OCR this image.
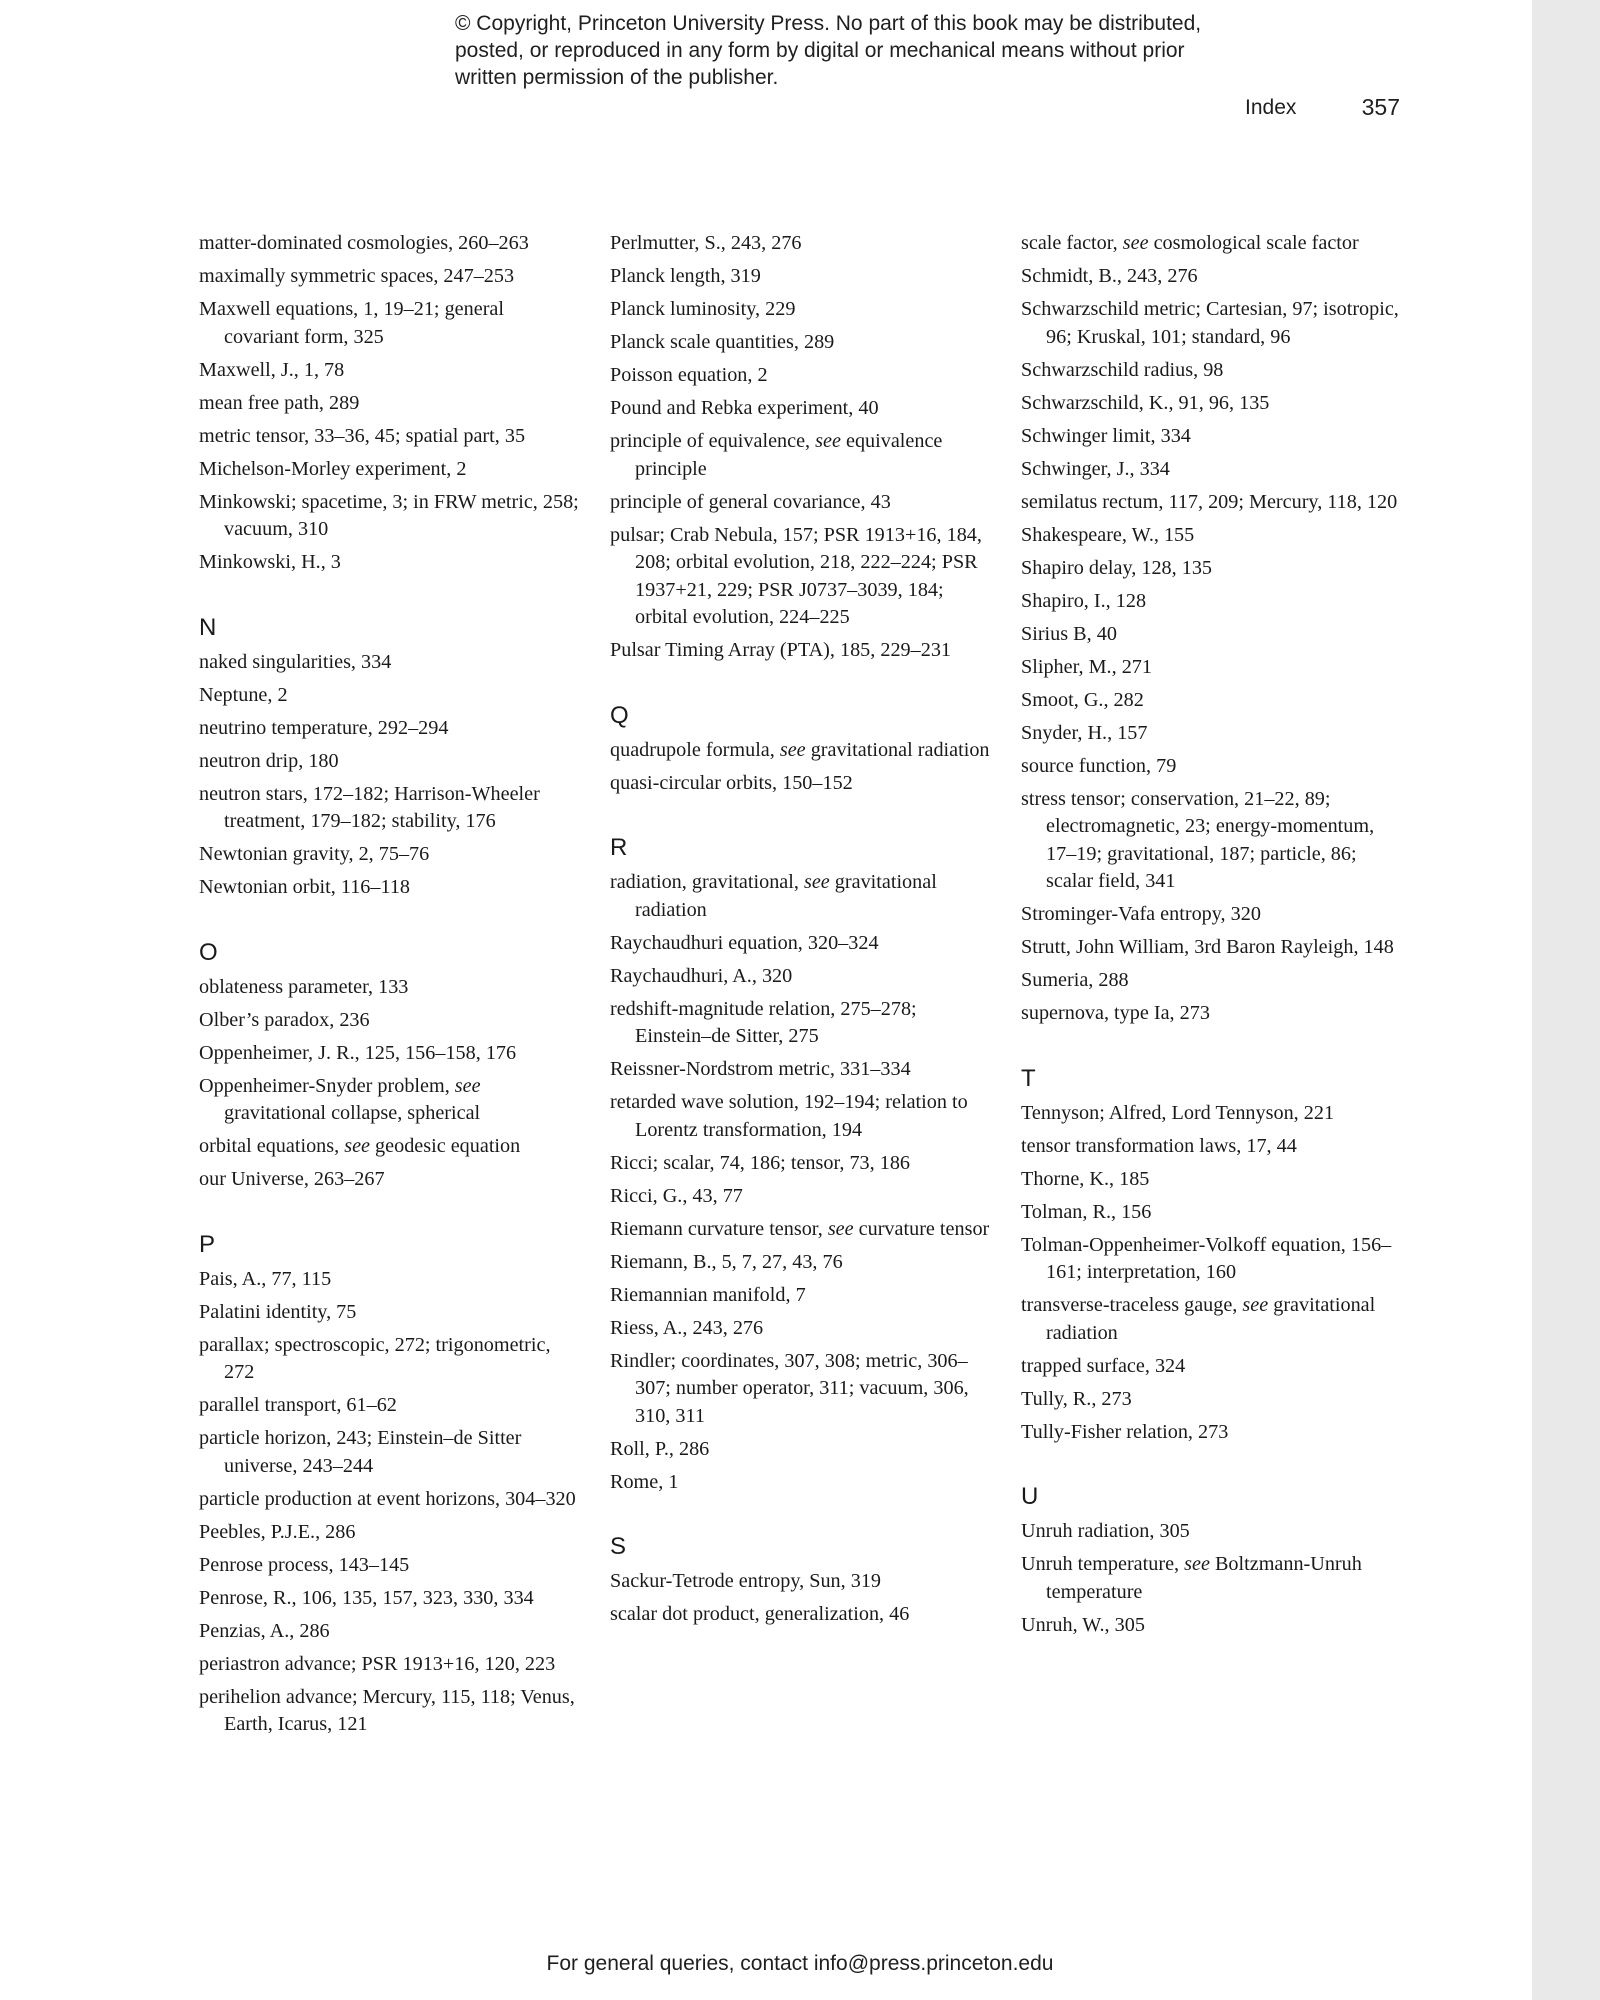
© Copyright, Princeton University Press. No part of this book may be distributed, posted, or reproduced in any form by digital or mechanical means without prior written permission of the publisher.
Index	357
matter-dominated cosmologies, 260–263
maximally symmetric spaces, 247–253
Maxwell equations, 1, 19–21; general covariant form, 325
Maxwell, J., 1, 78
mean free path, 289
metric tensor, 33–36, 45; spatial part, 35
Michelson-Morley experiment, 2
Minkowski; spacetime, 3; in FRW metric, 258; vacuum, 310
Minkowski, H., 3
N
naked singularities, 334
Neptune, 2
neutrino temperature, 292–294
neutron drip, 180
neutron stars, 172–182; Harrison-Wheeler treatment, 179–182; stability, 176
Newtonian gravity, 2, 75–76
Newtonian orbit, 116–118
O
oblateness parameter, 133
Olber’s paradox, 236
Oppenheimer, J. R., 125, 156–158, 176
Oppenheimer-Snyder problem, see gravitational collapse, spherical
orbital equations, see geodesic equation
our Universe, 263–267
P
Pais, A., 77, 115
Palatini identity, 75
parallax; spectroscopic, 272; trigonometric, 272
parallel transport, 61–62
particle horizon, 243; Einstein–de Sitter universe, 243–244
particle production at event horizons, 304–320
Peebles, P.J.E., 286
Penrose process, 143–145
Penrose, R., 106, 135, 157, 323, 330, 334
Penzias, A., 286
periastron advance; PSR 1913+16, 120, 223
perihelion advance; Mercury, 115, 118; Venus, Earth, Icarus, 121
Perlmutter, S., 243, 276
Planck length, 319
Planck luminosity, 229
Planck scale quantities, 289
Poisson equation, 2
Pound and Rebka experiment, 40
principle of equivalence, see equivalence principle
principle of general covariance, 43
pulsar; Crab Nebula, 157; PSR 1913+16, 184, 208; orbital evolution, 218, 222–224; PSR 1937+21, 229; PSR J0737–3039, 184; orbital evolution, 224–225
Pulsar Timing Array (PTA), 185, 229–231
Q
quadrupole formula, see gravitational radiation
quasi-circular orbits, 150–152
R
radiation, gravitational, see gravitational radiation
Raychaudhuri equation, 320–324
Raychaudhuri, A., 320
redshift-magnitude relation, 275–278; Einstein–de Sitter, 275
Reissner-Nordstrom metric, 331–334
retarded wave solution, 192–194; relation to Lorentz transformation, 194
Ricci; scalar, 74, 186; tensor, 73, 186
Ricci, G., 43, 77
Riemann curvature tensor, see curvature tensor
Riemann, B., 5, 7, 27, 43, 76
Riemannian manifold, 7
Riess, A., 243, 276
Rindler; coordinates, 307, 308; metric, 306–307; number operator, 311; vacuum, 306, 310, 311
Roll, P., 286
Rome, 1
S
Sackur-Tetrode entropy, Sun, 319
scalar dot product, generalization, 46
scale factor, see cosmological scale factor
Schmidt, B., 243, 276
Schwarzschild metric; Cartesian, 97; isotropic, 96; Kruskal, 101; standard, 96
Schwarzschild radius, 98
Schwarzschild, K., 91, 96, 135
Schwinger limit, 334
Schwinger, J., 334
semilatus rectum, 117, 209; Mercury, 118, 120
Shakespeare, W., 155
Shapiro delay, 128, 135
Shapiro, I., 128
Sirius B, 40
Slipher, M., 271
Smoot, G., 282
Snyder, H., 157
source function, 79
stress tensor; conservation, 21–22, 89; electromagnetic, 23; energy-momentum, 17–19; gravitational, 187; particle, 86; scalar field, 341
Strominger-Vafa entropy, 320
Strutt, John William, 3rd Baron Rayleigh, 148
Sumeria, 288
supernova, type Ia, 273
T
Tennyson; Alfred, Lord Tennyson, 221
tensor transformation laws, 17, 44
Thorne, K., 185
Tolman, R., 156
Tolman-Oppenheimer-Volkoff equation, 156–161; interpretation, 160
transverse-traceless gauge, see gravitational radiation
trapped surface, 324
Tully, R., 273
Tully-Fisher relation, 273
U
Unruh radiation, 305
Unruh temperature, see Boltzmann-Unruh temperature
Unruh, W., 305
For general queries, contact info@press.princeton.edu
